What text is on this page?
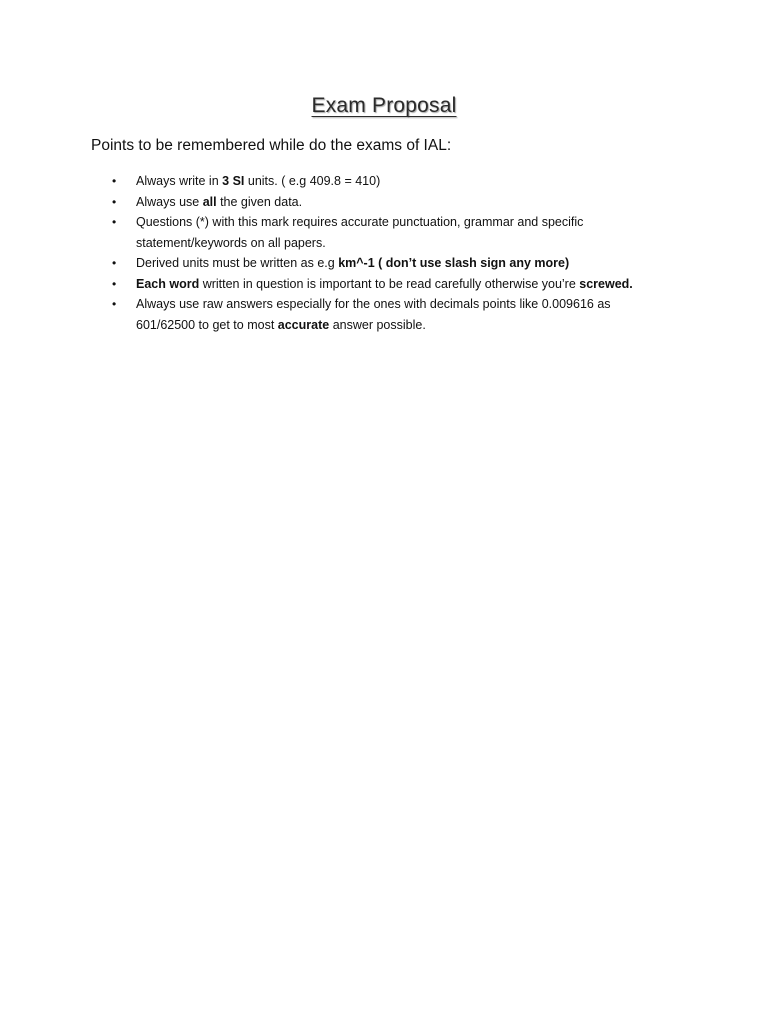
Exam Proposal
Points to be remembered while do the exams of IAL:
• Always write in 3 SI units. ( e.g 409.8 = 410)
• Always use all the given data.
• Questions (*) with this mark requires accurate punctuation, grammar and specific statement/keywords on all papers.
• Derived units must be written as e.g km^-1 ( don’t use slash sign any more)
• Each word written in question is important to be read carefully otherwise you’re screwed.
• Always use raw answers especially for the ones with decimals points like 0.009616 as 601/62500 to get to most accurate answer possible.
